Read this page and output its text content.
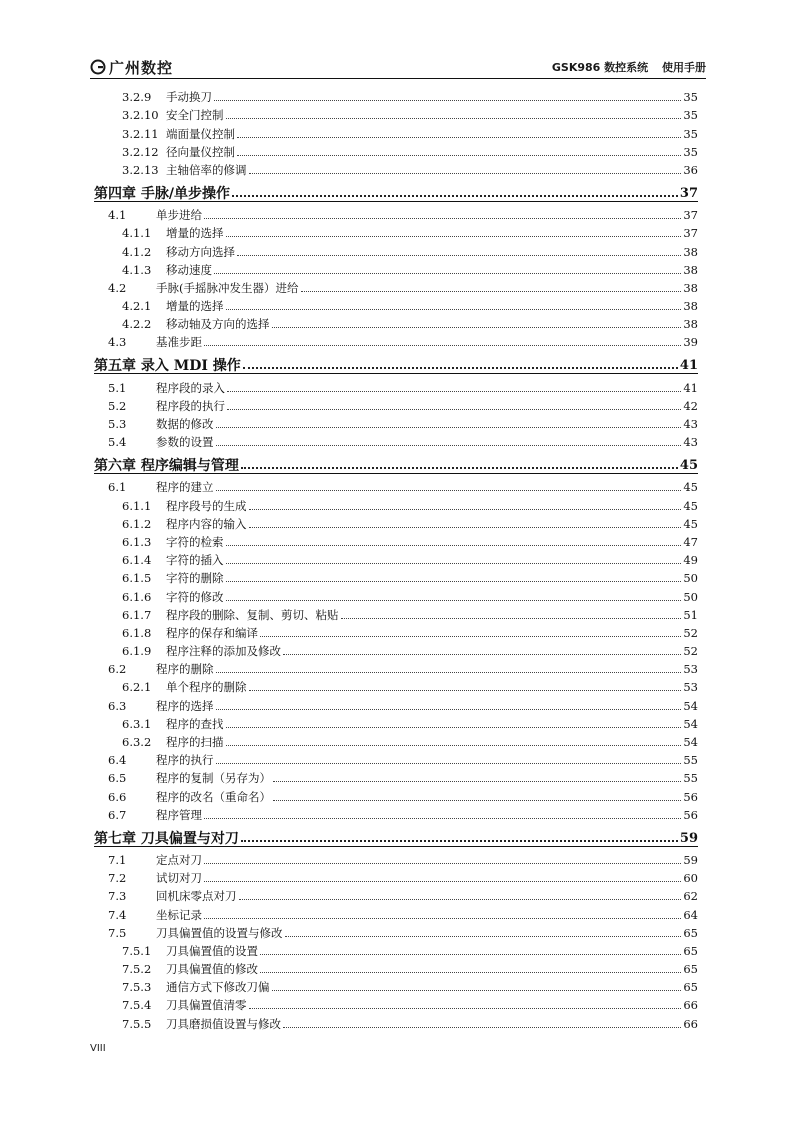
广州数控	GSK986 数控系统 使用手册
3.2.9	手动换刀	35
3.2.10 安全门控制	35
3.2.11 端面量仪控制	35
3.2.12 径向量仪控制	35
3.2.13 主轴倍率的修调	36
第四章 手脉/单步操作	37
4.1	单步进给	37
4.1.1	增量的选择	37
4.1.2	移动方向选择	38
4.1.3	移动速度	38
4.2	手脉(手摇脉冲发生器）进给	38
4.2.1	增量的选择	38
4.2.2	移动轴及方向的选择	38
4.3	基准步距	39
第五章 录入 MDI 操作	41
5.1	程序段的录入	41
5.2	程序段的执行	42
5.3	数据的修改	43
5.4	参数的设置	43
第六章 程序编辑与管理	45
6.1	程序的建立	45
6.1.1	程序段号的生成	45
6.1.2	程序内容的输入	45
6.1.3	字符的检索	47
6.1.4	字符的插入	49
6.1.5	字符的删除	50
6.1.6	字符的修改	50
6.1.7	程序段的删除、复制、剪切、粘贴	51
6.1.8	程序的保存和编译	52
6.1.9	程序注释的添加及修改	52
6.2	程序的删除	53
6.2.1	单个程序的删除	53
6.3	程序的选择	54
6.3.1	程序的查找	54
6.3.2	程序的扫描	54
6.4	程序的执行	55
6.5	程序的复制（另存为）	55
6.6	程序的改名（重命名）	56
6.7	程序管理	56
第七章 刀具偏置与对刀	59
7.1	定点对刀	59
7.2	试切对刀	60
7.3	回机床零点对刀	62
7.4	坐标记录	64
7.5	刀具偏置值的设置与修改	65
7.5.1	刀具偏置值的设置	65
7.5.2	刀具偏置值的修改	65
7.5.3	通信方式下修改刀偏	65
7.5.4	刀具偏置值清零	66
7.5.5	刀具磨损值设置与修改	66
VIII
